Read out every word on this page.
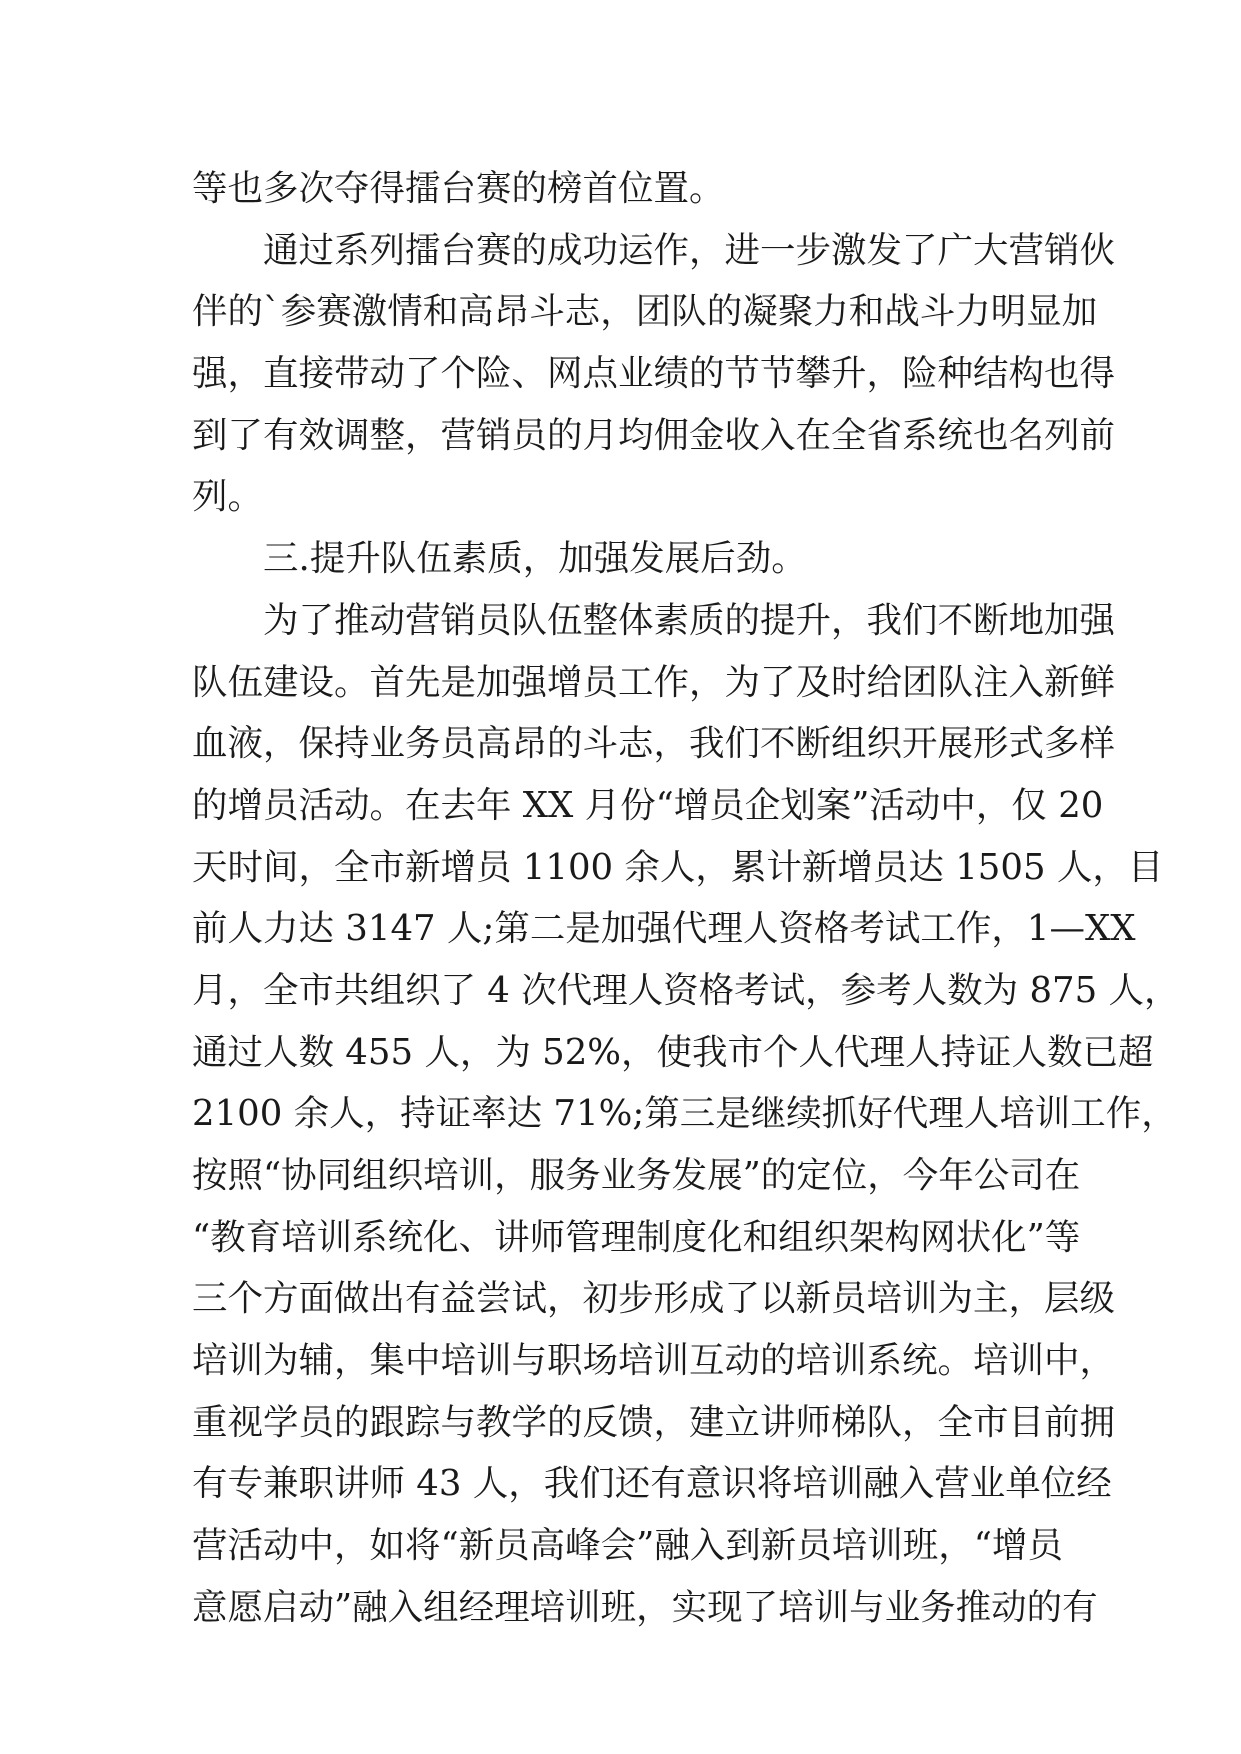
等也多次夺得擂台赛的榜首位置。
通过系列擂台赛的成功运作，进一步激发了广大营销伙
伴的`参赛激情和高昂斗志，团队的凝聚力和战斗力明显加
强，直接带动了个险、网点业绩的节节攀升，险种结构也得
到了有效调整，营销员的月均佣金收入在全省系统也名列前
列。
三.提升队伍素质，加强发展后劲。
为了推动营销员队伍整体素质的提升，我们不断地加强
队伍建设。首先是加强增员工作，为了及时给团队注入新鲜
血液，保持业务员高昂的斗志，我们不断组织开展形式多样
的增员活动。在去年 XX 月份“增员企划案”活动中，仅 20
天时间，全市新增员 1100 余人，累计新增员达 1505 人，目
前人力达 3147 人;第二是加强代理人资格考试工作，1—XX
月，全市共组织了 4 次代理人资格考试，参考人数为 875 人，
通过人数 455 人，为 52%，使我市个人代理人持证人数已超
2100 余人，持证率达 71%;第三是继续抓好代理人培训工作，
按照“协同组织培训，服务业务发展”的定位，今年公司在
“教育培训系统化、讲师管理制度化和组织架构网状化”等
三个方面做出有益尝试，初步形成了以新员培训为主，层级
培训为辅，集中培训与职场培训互动的培训系统。培训中，
重视学员的跟踪与教学的反馈，建立讲师梯队，全市目前拥
有专兼职讲师 43 人，我们还有意识将培训融入营业单位经
营活动中，如将“新员高峰会”融入到新员培训班，“增员
意愿启动”融入组经理培训班，实现了培训与业务推动的有
